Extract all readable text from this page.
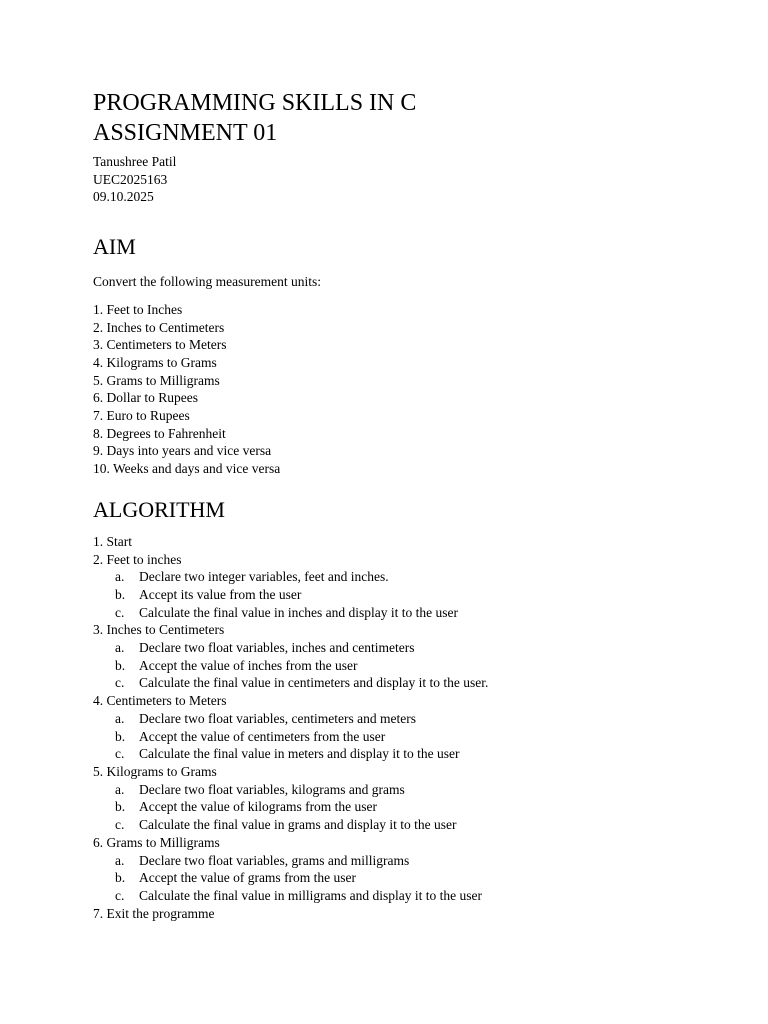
PROGRAMMING SKILLS IN C
ASSIGNMENT 01
Tanushree Patil
UEC2025163
09.10.2025
AIM

Convert the following measurement units:

1. Feet to Inches
2. Inches to Centimeters
3. Centimeters to Meters
4. Kilograms to Grams
5. Grams to Milligrams
6. Dollar to Rupees
7. Euro to Rupees
8. Degrees to Fahrenheit
9. Days into years and vice versa
10. Weeks and days and vice versa
ALGORITHM
1. Start
2. Feet to inches
a. Declare two integer variables, feet and inches.
b. Accept its value from the user
c. Calculate the final value in inches and display it to the user
3. Inches to Centimeters
a. Declare two float variables, inches and centimeters
b. Accept the value of inches from the user
c. Calculate the final value in centimeters and display it to the user.
4. Centimeters to Meters
a. Declare two float variables, centimeters and meters
b. Accept the value of centimeters from the user
c. Calculate the final value in meters and display it to the user
5. Kilograms to Grams
a. Declare two float variables, kilograms and grams
b. Accept the value of kilograms from the user
c. Calculate the final value in grams and display it to the user
6. Grams to Milligrams
a. Declare two float variables, grams and milligrams
b. Accept the value of grams from the user
c. Calculate the final value in milligrams and display it to the user
7. Exit the programme
